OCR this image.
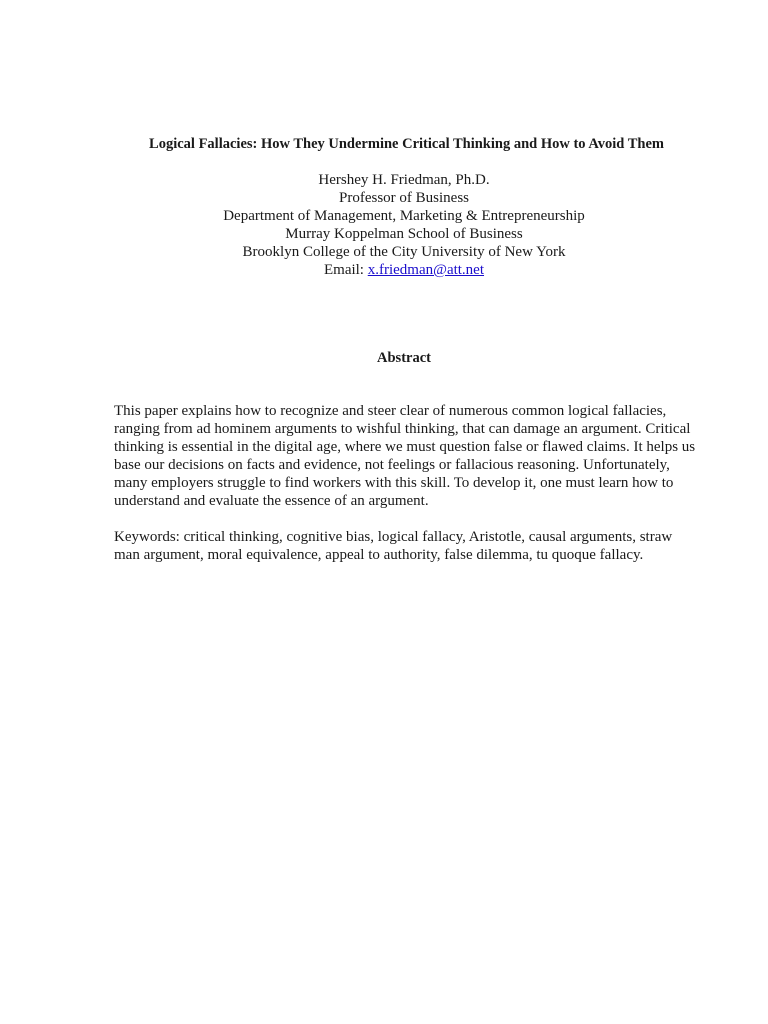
Logical Fallacies: How They Undermine Critical Thinking and How to Avoid Them
Hershey H. Friedman, Ph.D.
Professor of Business
Department of Management, Marketing & Entrepreneurship
Murray Koppelman School of Business
Brooklyn College of the City University of New York
Email: x.friedman@att.net
Abstract
This paper explains how to recognize and steer clear of numerous common logical fallacies,
ranging from ad hominem arguments to wishful thinking, that can damage an argument. Critical
thinking is essential in the digital age, where we must question false or flawed claims. It helps us
base our decisions on facts and evidence, not feelings or fallacious reasoning. Unfortunately,
many employers struggle to find workers with this skill. To develop it, one must learn how to
understand and evaluate the essence of an argument.
Keywords: critical thinking, cognitive bias, logical fallacy, Aristotle, causal arguments, straw
man argument, moral equivalence, appeal to authority, false dilemma, tu quoque fallacy.
